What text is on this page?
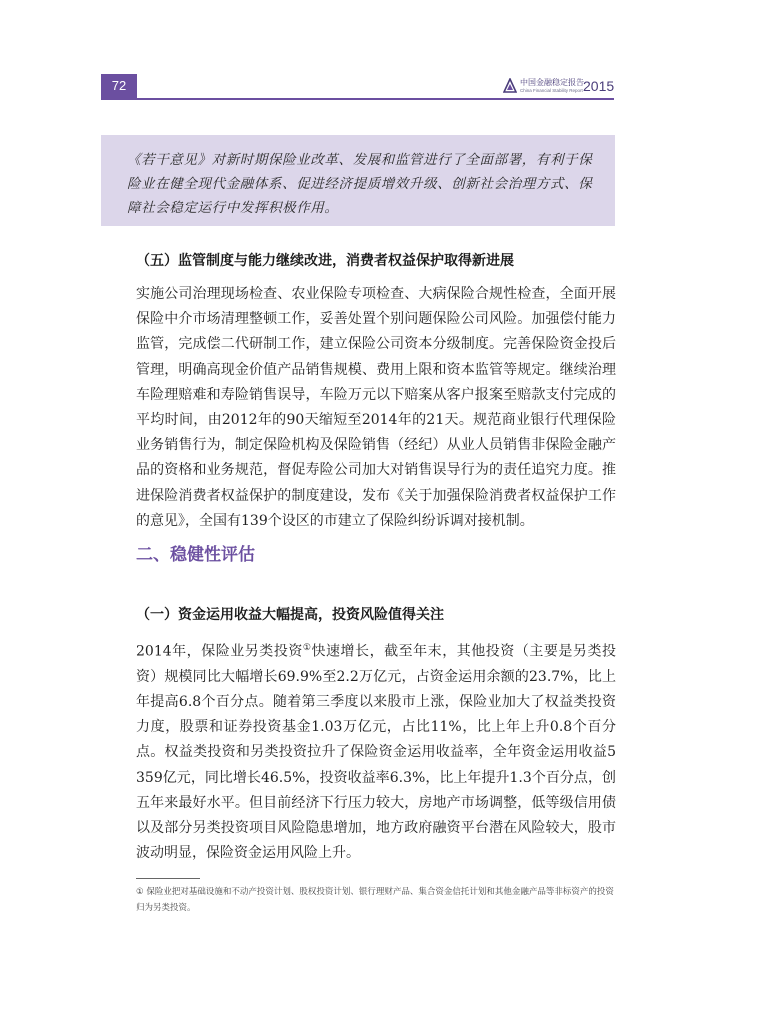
72	中国金融稳定报告
China Financial Stability Report 2015

《若干意见》对新时期保险业改革、发展和监管进行了全面部署，有利于保险业在健全现代金融体系、促进经济提质增效升级、创新社会治理方式、保障社会稳定运行中发挥积极作用。

（五）监管制度与能力继续改进，消费者权益保护取得新进展

实施公司治理现场检查、农业保险专项检查、大病保险合规性检查，全面开展保险中介市场清理整顿工作，妥善处置个别问题保险公司风险。加强偿付能力监管，完成偿二代研制工作，建立保险公司资本分级制度。完善保险资金投后管理，明确高现金价值产品销售规模、费用上限和资本监管等规定。继续治理车险理赔难和寿险销售误导，车险万元以下赔案从客户报案至赔款支付完成的平均时间，由2012年的90天缩短至2014年的21天。规范商业银行代理保险业务销售行为，制定保险机构及保险销售（经纪）从业人员销售非保险金融产品的资格和业务规范，督促寿险公司加大对销售误导行为的责任追究力度。推进保险消费者权益保护的制度建设，发布《关于加强保险消费者权益保护工作的意见》，全国有139个设区的市建立了保险纠纷诉调对接机制。

二、稳健性评估
（一）资金运用收益大幅提高，投资风险值得关注

2014年，保险业另类投资①快速增长，截至年末，其他投资（主要是另类投资）规模同比大幅增长69.9%至2.2万亿元，占资金运用余额的23.7%，比上年提高6.8个百分点。随着第三季度以来股市上涨，保险业加大了权益类投资力度，股票和证券投资基金1.03万亿元，占比11%，比上年上升0.8个百分点。权益类投资和另类投资拉升了保险资金运用收益率，全年资金运用收益5 359亿元，同比增长46.5%，投资收益率6.3%，比上年提升1.3个百分点，创五年来最好水平。但目前经济下行压力较大，房地产市场调整，低等级信用债以及部分另类投资项目风险隐患增加，地方政府融资平台潜在风险较大，股市波动明显，保险资金运用风险上升。

① 保险业把对基础设施和不动产投资计划、股权投资计划、银行理财产品、集合资金信托计划和其他金融产品等非标资产的投资归为另类投资。
